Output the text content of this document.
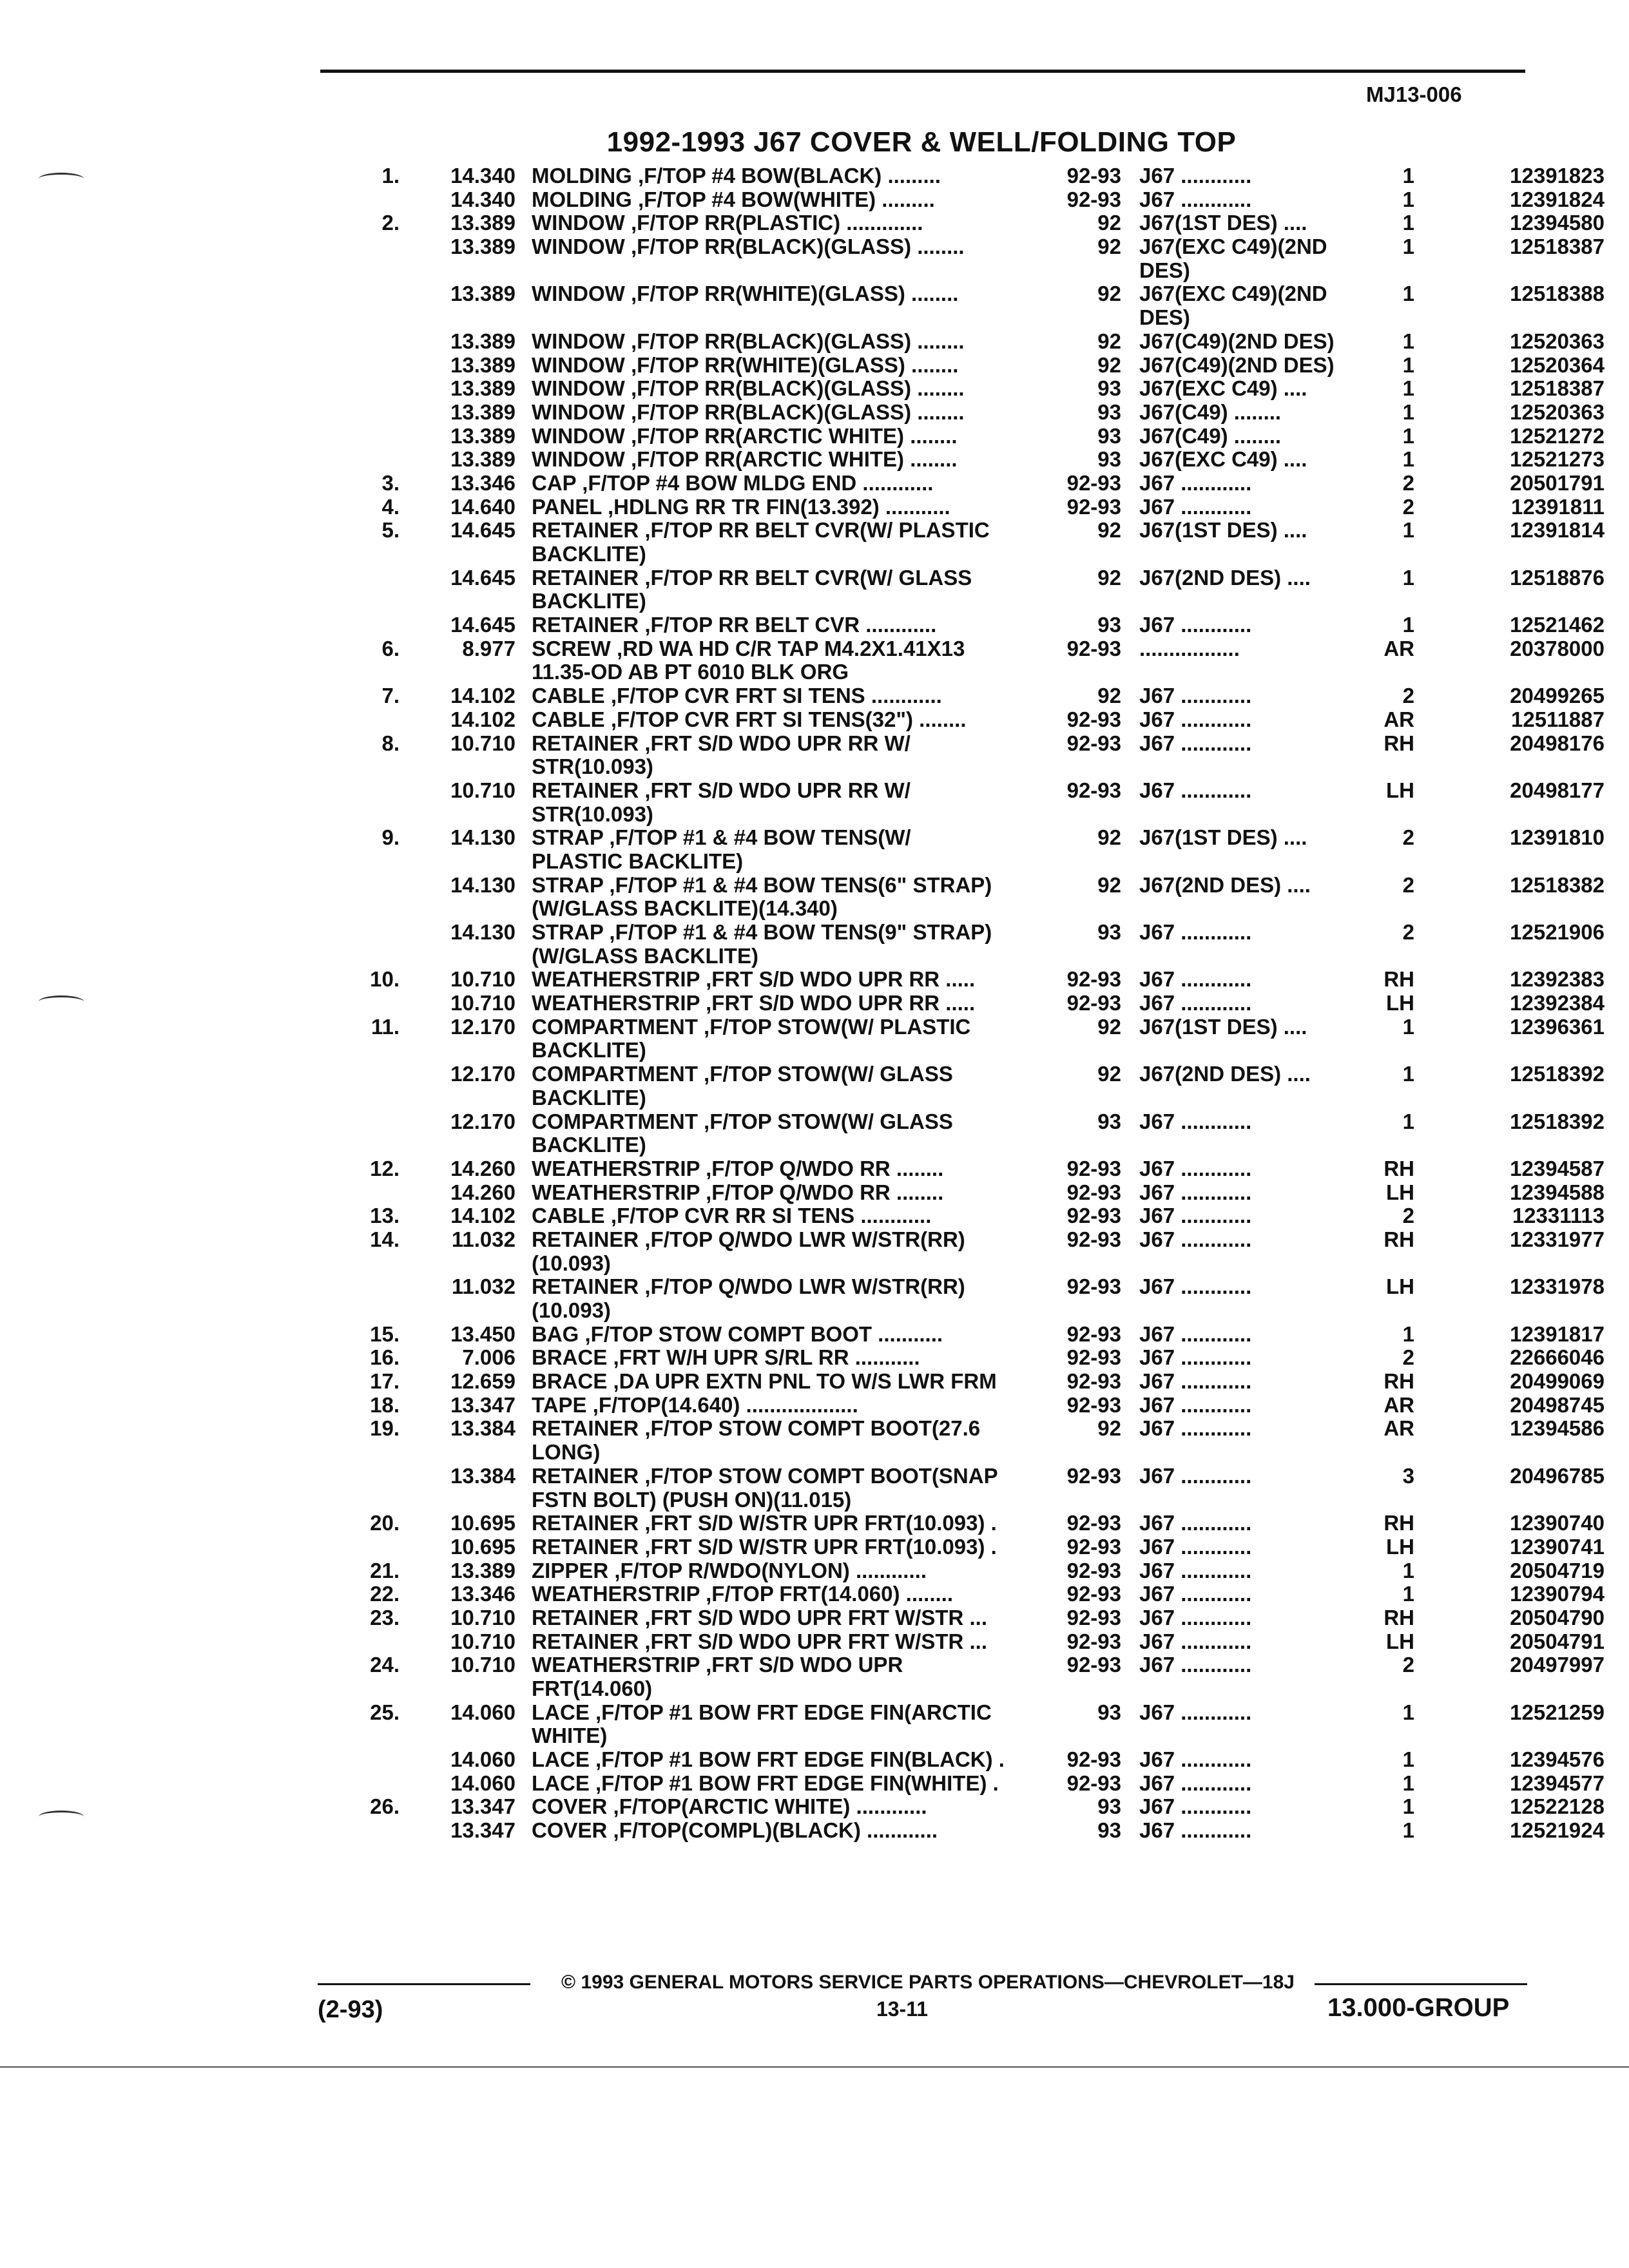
MJ13-006
1992-1993 J67 COVER & WELL/FOLDING TOP
1.	14.340 MOLDING ,F/TOP #4 BOW(BLACK) .........	92-93 J67 ............	1	12391823
14.340 MOLDING ,F/TOP #4 BOW(WHITE) .........	92-93 J67 ............	1	12391824
2.	13.389 WINDOW ,F/TOP RR(PLASTIC) .............	92 J67(1ST DES) ....	1	12394580
13.389 WINDOW ,F/TOP RR(BLACK)(GLASS) ........	92 J67(EXC C49)(2ND	1	12518387
DES)
13.389 WINDOW ,F/TOP RR(WHITE)(GLASS) ........	92 J67(EXC C49)(2ND	1	12518388
DES)
13.389 WINDOW ,F/TOP RR(BLACK)(GLASS) ........	92 J67(C49)(2ND DES)	1	12520363
13.389 WINDOW ,F/TOP RR(WHITE)(GLASS) ........	92 J67(C49)(2ND DES)	1	12520364
13.389 WINDOW ,F/TOP RR(BLACK)(GLASS) ........	93 J67(EXC C49) ....	1	12518387
13.389 WINDOW ,F/TOP RR(BLACK)(GLASS) ........	93 J67(C49) ........	1	12520363
13.389 WINDOW ,F/TOP RR(ARCTIC WHITE) ........	93 J67(C49) ........	1	12521272
13.389 WINDOW ,F/TOP RR(ARCTIC WHITE) ........	93 J67(EXC C49) ....	1	12521273
3.	13.346 CAP ,F/TOP #4 BOW MLDG END ............	92-93 J67 ............	2	20501791
4.	14.640 PANEL ,HDLNG RR TR FIN(13.392) ...........	92-93 J67 ............	2	12391811
5.	14.645 RETAINER ,F/TOP RR BELT CVR(W/ PLASTIC	92 J67(1ST DES) ....	1	12391814
BACKLITE)
14.645 RETAINER ,F/TOP RR BELT CVR(W/ GLASS	92 J67(2ND DES) ....	1	12518876
BACKLITE)
14.645 RETAINER ,F/TOP RR BELT CVR ............	93 J67 ............	1	12521462
6.	8.977 SCREW ,RD WA HD C/R TAP M4.2X1.41X13	92-93 .................	AR	20378000
11.35-OD AB PT 6010 BLK ORG
7.	14.102 CABLE ,F/TOP CVR FRT SI TENS ............	92 J67 ............	2	20499265
14.102 CABLE ,F/TOP CVR FRT SI TENS(32") ........	92-93 J67 ............	AR	12511887
8.	10.710 RETAINER ,FRT S/D WDO UPR RR W/	92-93 J67 ............	RH	20498176
STR(10.093)
10.710 RETAINER ,FRT S/D WDO UPR RR W/	92-93 J67 ............	LH	20498177
STR(10.093)
9.	14.130 STRAP ,F/TOP #1 & #4 BOW TENS(W/	92 J67(1ST DES) ....	2	12391810
PLASTIC BACKLITE)
14.130 STRAP ,F/TOP #1 & #4 BOW TENS(6" STRAP)	92 J67(2ND DES) ....	2	12518382
(W/GLASS BACKLITE)(14.340)
14.130 STRAP ,F/TOP #1 & #4 BOW TENS(9" STRAP)	93 J67 ............	2	12521906
(W/GLASS BACKLITE)
10.	10.710 WEATHERSTRIP ,FRT S/D WDO UPR RR .....	92-93 J67 ............	RH	12392383
10.710 WEATHERSTRIP ,FRT S/D WDO UPR RR .....	92-93 J67 ............	LH	12392384
11.	12.170 COMPARTMENT ,F/TOP STOW(W/ PLASTIC	92 J67(1ST DES) ....	1	12396361
BACKLITE)
12.170 COMPARTMENT ,F/TOP STOW(W/ GLASS	92 J67(2ND DES) ....	1	12518392
BACKLITE)
12.170 COMPARTMENT ,F/TOP STOW(W/ GLASS	93 J67 ............	1	12518392
BACKLITE)
12.	14.260 WEATHERSTRIP ,F/TOP Q/WDO RR ........	92-93 J67 ............	RH	12394587
14.260 WEATHERSTRIP ,F/TOP Q/WDO RR ........	92-93 J67 ............	LH	12394588
13.	14.102 CABLE ,F/TOP CVR RR SI TENS ............	92-93 J67 ............	2	12331113
14.	11.032 RETAINER ,F/TOP Q/WDO LWR W/STR(RR)	92-93 J67 ............	RH	12331977
(10.093)
11.032 RETAINER ,F/TOP Q/WDO LWR W/STR(RR)	92-93 J67 ............	LH	12331978
(10.093)
15.	13.450 BAG ,F/TOP STOW COMPT BOOT ...........	92-93 J67 ............	1	12391817
16.	7.006 BRACE ,FRT W/H UPR S/RL RR ...........	92-93 J67 ............	2	22666046
17.	12.659 BRACE ,DA UPR EXTN PNL TO W/S LWR FRM	92-93 J67 ............	RH	20499069
18.	13.347 TAPE ,F/TOP(14.640) ...................	92-93 J67 ............	AR	20498745
19.	13.384 RETAINER ,F/TOP STOW COMPT BOOT(27.6	92 J67 ............	AR	12394586
LONG)
13.384 RETAINER ,F/TOP STOW COMPT BOOT(SNAP	92-93 J67 ............	3	20496785
FSTN BOLT) (PUSH ON)(11.015)
20.	10.695 RETAINER ,FRT S/D W/STR UPR FRT(10.093) .	92-93 J67 ............	RH	12390740
10.695 RETAINER ,FRT S/D W/STR UPR FRT(10.093) .	92-93 J67 ............	LH	12390741
21.	13.389 ZIPPER ,F/TOP R/WDO(NYLON) ............	92-93 J67 ............	1	20504719
22.	13.346 WEATHERSTRIP ,F/TOP FRT(14.060) ........	92-93 J67 ............	1	12390794
23.	10.710 RETAINER ,FRT S/D WDO UPR FRT W/STR ...	92-93 J67 ............	RH	20504790
10.710 RETAINER ,FRT S/D WDO UPR FRT W/STR ...	92-93 J67 ............	LH	20504791
24.	10.710 WEATHERSTRIP ,FRT S/D WDO UPR	92-93 J67 ............	2	20497997
FRT(14.060)
25.	14.060 LACE ,F/TOP #1 BOW FRT EDGE FIN(ARCTIC	93 J67 ............	1	12521259
WHITE)
14.060 LACE ,F/TOP #1 BOW FRT EDGE FIN(BLACK) .	92-93 J67 ............	1	12394576
14.060 LACE ,F/TOP #1 BOW FRT EDGE FIN(WHITE) .	92-93 J67 ............	1	12394577
26.	13.347 COVER ,F/TOP(ARCTIC WHITE) ............	93 J67 ............	1	12522128
13.347 COVER ,F/TOP(COMPL)(BLACK) ............	93 J67 ............	1	12521924
© 1993 GENERAL MOTORS SERVICE PARTS OPERATIONS—CHEVROLET—18J
13-11
(2-93)	13.000-GROUP
